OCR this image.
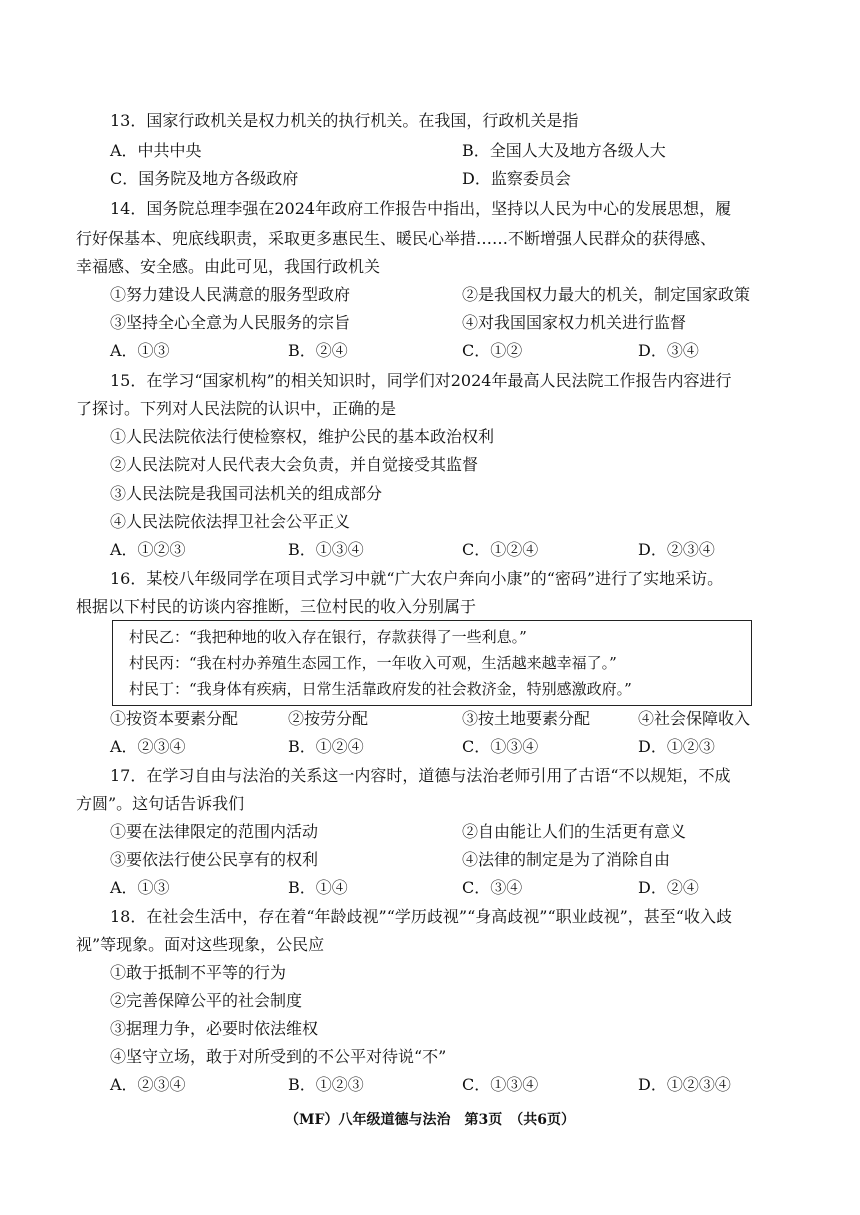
13．国家行政机关是权力机关的执行机关。在我国，行政机关是指
A．中共中央	B．全国人大及地方各级人大
C．国务院及地方各级政府	D．监察委员会
14．国务院总理李强在2024年政府工作报告中指出，坚持以人民为中心的发展思想，履
行好保基本、兜底线职责，采取更多惠民生、暖民心举措……不断增强人民群众的获得感、
幸福感、安全感。由此可见，我国行政机关
①努力建设人民满意的服务型政府	②是我国权力最大的机关，制定国家政策
③坚持全心全意为人民服务的宗旨	④对我国国家权力机关进行监督
A．①③	B．②④	C．①②	D．③④
15．在学习“国家机构”的相关知识时，同学们对2024年最高人民法院工作报告内容进行
了探讨。下列对人民法院的认识中，正确的是
①人民法院依法行使检察权，维护公民的基本政治权利
②人民法院对人民代表大会负责，并自觉接受其监督
③人民法院是我国司法机关的组成部分
④人民法院依法捍卫社会公平正义
A．①②③	B．①③④	C．①②④	D．②③④
16．某校八年级同学在项目式学习中就“广大农户奔向小康”的“密码”进行了实地采访。
根据以下村民的访谈内容推断，三位村民的收入分别属于
村民乙：“我把种地的收入存在银行，存款获得了一些利息。”
村民丙：“我在村办养殖生态园工作，一年收入可观，生活越来越幸福了。”
村民丁：“我身体有疾病，日常生活靠政府发的社会救济金，特别感激政府。”
①按资本要素分配	②按劳分配	③按土地要素分配	④社会保障收入
A．②③④	B．①②④	C．①③④	D．①②③
17．在学习自由与法治的关系这一内容时，道德与法治老师引用了古语“不以规矩，不成
方圆”。这句话告诉我们
①要在法律限定的范围内活动	②自由能让人们的生活更有意义
③要依法行使公民享有的权利	④法律的制定是为了消除自由
A．①③	B．①④	C．③④	D．②④
18．在社会生活中，存在着“年龄歧视”“学历歧视”“身高歧视”“职业歧视”，甚至“收入歧
视”等现象。面对这些现象，公民应
①敢于抵制不平等的行为
②完善保障公平的社会制度
③据理力争，必要时依法维权
④坚守立场，敢于对所受到的不公平对待说“不”
A．②③④	B．①②③	C．①③④	D．①②③④
（MF）八年级道德与法治　第3页　（共6页）
